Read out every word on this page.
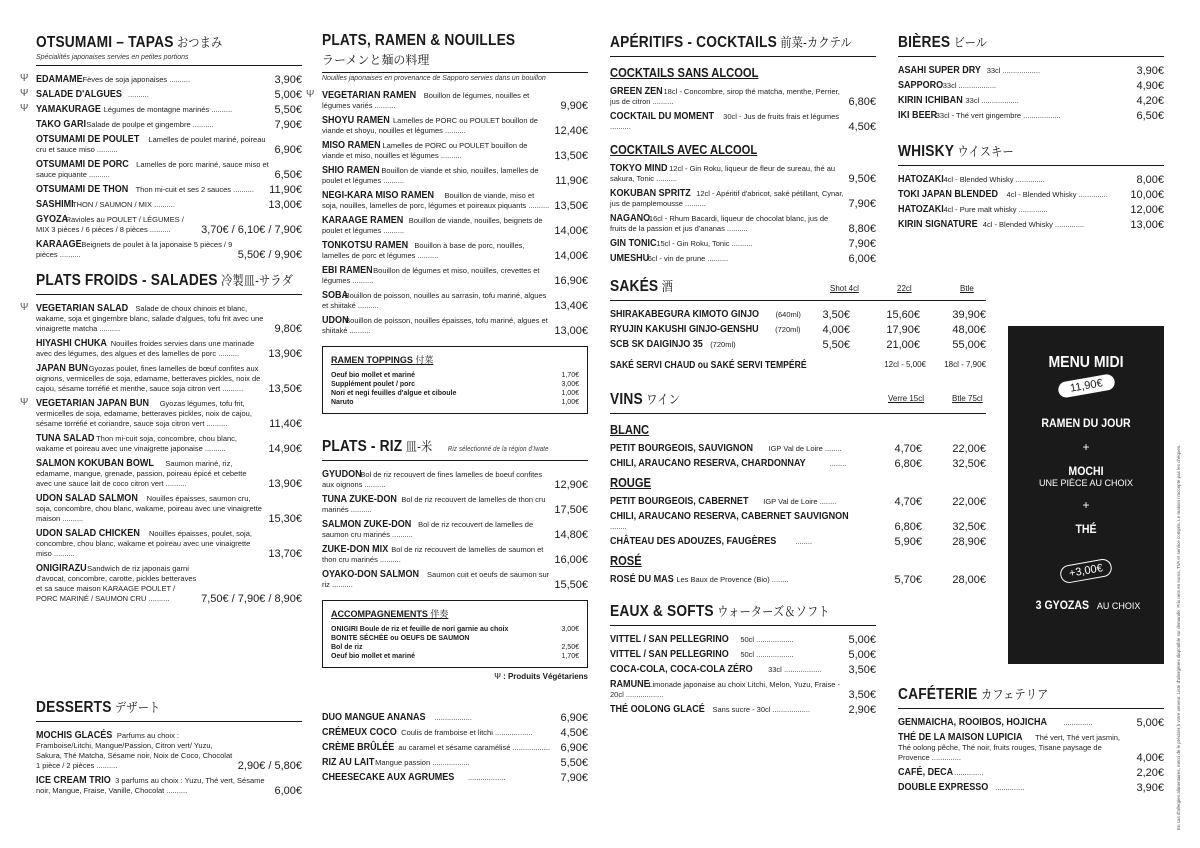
OTSUMAMI – TAPAS おつまみ
Spécialités japonaises servies en petites portions
Ψ EDAMAME Fèves de soja japonaises ..........	3,90€
Ψ SALADE D'ALGUES ..........	5,00€
Ψ YAMAKURAGE Légumes de montagne marinés ..........	5,50€
TAKO GARI Salade de poulpe et gingembre ..........	7,90€
OTSUMAMI DE POULET Lamelles de poulet mariné, poireau cru et sauce miso ..........	6,90€
OTSUMAMI DE PORC Lamelles de porc mariné, sauce miso et sauce piquante ..........	6,50€
OTSUMAMI DE THON Thon mi-cuit et ses 2 sauces ..........	11,90€
SASHIMI THON / SAUMON / MIX ..........	13,00€
GYOZA Ravioles au POULET / LÉGUMES / MIX 3 pièces / 6 pièces / 8 pièces ..........	3,70€ / 6,10€ / 7,90€
KARAAGE Beignets de poulet à la japonaise 5 pièces / 9 pièces ..........	5,50€ / 9,90€
PLATS FROIDS - SALADES 冷製皿-サラダ
Ψ VEGETARIAN SALAD Salade de choux chinois et blanc, wakame, soja et gingembre blanc, salade d'algues, tofu frit avec une vinaigrette matcha ..........	9,80€
HIYASHI CHUKA Nouilles froides servies dans une marinade avec des légumes, des algues et des lamelles de porc ..........	13,90€
JAPAN BUN Gyozas poulet, fines lamelles de bœuf confites aux oignons, vermicelles de soja, edamame, betteraves pickles, noix de cajou, sésame torréfié et menthe, sauce soja citron vert ..........	13,50€
Ψ VEGETARIAN JAPAN BUN Gyozas légumes, tofu frit, vermicelles de soja, edamame, betteraves pickles, noix de cajou, sésame torréfié et coriandre, sauce soja citron vert ..........	11,40€
TUNA SALAD Thon mi-cuit soja, concombre, chou blanc, wakame et poireau avec une vinaigrette japonaise ..........	14,90€
SALMON KOKUBAN BOWL Saumon mariné, riz, edamame, mangue, grenade, passion, poireau épicé et cebette avec une sauce lait de coco citron vert ..........	13,90€
UDON SALAD SALMON Nouilles épaisses, saumon cru, soja, concombre, chou blanc, wakame, poireau avec une vinaigrette maison ..........	15,30€
UDON SALAD CHICKEN Nouilles épaisses, poulet, soja, concombre, chou blanc, wakame et poireau avec une vinaigrette miso ..........	13,70€
ONIGIRAZU Sandwich de riz japonais garni d'avocat, concombre, carotte, pickles betteraves et sa sauce maison KARAAGE POULET / PORC MARINÉ / SAUMON CRU ..........	7,50€ / 7,90€ / 8,90€
DESSERTS デザート
MOCHIS GLACÉS Parfums au choix : Framboise/Litchi, Mangue/Passion, Citron vert/ Yuzu, Sakura, Thé Matcha, Sésame noir, Noix de Coco, Chocolat 1 pièce / 2 pièces ..........	2,90€ / 5,80€
ICE CREAM TRIO 3 parfums au choix : Yuzu, Thé vert, Sésame noir, Mangue, Fraise, Vanille, Chocolat ..........	6,00€
DUO MANGUE ANANAS ..................	6,90€
CRÉMEUX COCO Coulis de framboise et litchi ..................	4,50€
CRÈME BRÛLÉE au caramel et sésame caramélisé .................. 6,90€
RIZ AU LAIT Mangue passion ..................	5,50€
CHEESECAKE AUX AGRUMES ..................	7,90€
PLATS, RAMEN & NOUILLES
ラーメンと麺の料理
Nouilles japonaises en provenance de Sapporo servies dans un bouillon
Ψ VEGETARIAN RAMEN Bouillon de légumes, nouilles et légumes variés ..........	9,90€
SHOYU RAMEN Lamelles de PORC ou POULET bouillon de viande et shoyu, nouilles et légumes ..........	12,40€
MISO RAMEN Lamelles de PORC ou POULET bouillon de viande et miso, nouilles et légumes ..........	13,50€
SHIO RAMEN Bouillon de viande et shio, nouilles, lamelles de poulet et légumes ..........	11,90€
NEGI-KARA MISO RAMEN Bouillon de viande, miso et soja, nouilles, lamelles de porc, légumes et poireaux piquants .......... 13,50€
KARAAGE RAMEN Bouillon de viande, nouilles, beignets de poulet et légumes ..........	14,00€
TONKOTSU RAMEN Bouillon à base de porc, nouilles, lamelles de porc et légumes ..........	14,00€
EBI RAMEN Bouillon de légumes et miso, nouilles, crevettes et légumes ..........	16,90€
SOBA Bouillon de poisson, nouilles au sarrasin, tofu mariné, algues et shiitaké ..........	13,40€
UDON Bouillon de poisson, nouilles épaisses, tofu mariné, algues et shiitaké ..........	13,00€
RAMEN TOPPINGS 付菜
Oeuf bio mollet et mariné	1,70€
Supplément poulet / porc	3,00€
Nori et negi feuilles d'algue et ciboule	1,00€
Naruto	1,00€
PLATS - RIZ 皿-米 Riz sélectionné de la région d'Iwate
GYUDON Bol de riz recouvert de fines lamelles de boeuf confites aux oignons ..........	12,90€
TUNA ZUKE-DON Bol de riz recouvert de lamelles de thon cru marinés ..........	17,50€
SALMON ZUKE-DON Bol de riz recouvert de lamelles de saumon cru marinés ..........	14,80€
ZUKE-DON MIX Bol de riz recouvert de lamelles de saumon et thon cru marinés ..........	16,00€
OYAKO-DON SALMON Saumon cuit et oeufs de saumon sur riz ..........	15,50€
ACCOMPAGNEMENTS 伴奏
ONIGIRI Boule de riz et feuille de nori garnie au choix BONITE SÉCHÉE ou OEUFS DE SAUMON
3,00€
Bol de riz	2,50€
Oeuf bio mollet et mariné	1,70€
Ψ : Produits Végétariens
APÉRITIFS - COCKTAILS 前菜-カクテル
COCKTAILS SANS ALCOOL
GREEN ZEN 18cl - Concombre, sirop thé matcha, menthe, Perrier, jus de citron ..........	6,80€
COCKTAIL DU MOMENT 30cl - Jus de fruits frais et légumes ..........	4,50€
COCKTAILS AVEC ALCOOL
TOKYO MIND 12cl - Gin Roku, liqueur de fleur de sureau, thé au sakura, Tonic ..........	9,50€
KOKUBAN SPRITZ 12cl - Apéritif d'abricot, saké pétillant, Cynar, jus de pamplemousse ..........	7,90€
NAGANO 16cl - Rhum Bacardi, liqueur de chocolat blanc, jus de fruits de la passion et jus d'ananas ..........	8,80€
GIN TONIC 15cl - Gin Roku, Tonic ..........	7,90€
UMESHU 6cl - vin de prune ..........	6,00€
SAKÉS 酒	Shot 4cl	22cl	Btle
SHIRAKABEGURA KIMOTO GINJO (640ml)	3,50€	15,60€	39,90€
RYUJIN KAKUSHI GINJO-GENSHU (720ml)	4,00€	17,90€	48,00€
SCB SK DAIGINJO 35 (720ml)	5,50€	21,00€	55,00€
SAKÉ SERVI CHAUD ou SAKÉ SERVI TEMPÉRÉ	12cl - 5,00€	18cl - 7,90€
VINS ワイン	Verre 15cl	Btle 75cl
BLANC
PETIT BOURGEOIS, SAUVIGNON IGP Val de Loire ........	4,70€	22,00€
CHILI, ARAUCANO RESERVA, CHARDONNAY	........	6,80€	32,50€
ROUGE
PETIT BOURGEOIS, CABERNET IGP Val de Loire ........	4,70€	22,00€
CHILI, ARAUCANO RESERVA, CABERNET SAUVIGNON ........	6,80€	32,50€
CHÂTEAU DES ADOUZES, FAUGÈRES ........	5,90€	28,90€
ROSÉ
ROSÉ DU MAS Les Baux de Provence (Bio) ........	5,70€	28,00€
EAUX & SOFTS ウォーターズ＆ソフト
VITTEL / SAN PELLEGRINO 50cl ..................	5,00€
VITTEL / SAN PELLEGRINO 50cl ..................	5,00€
COCA-COLA, COCA-COLA ZÉRO 33cl ..................	3,50€
RAMUNE Limonade japonaise au choix Litchi, Melon, Yuzu, Fraise - 20cl ..................	3,50€
THÉ OOLONG GLACÉ Sans sucre - 30cl ..................	2,90€
BIÈRES ビール
ASAHI SUPER DRY 33cl ..................	3,90€
SAPPORO 33cl ..................	4,90€
KIRIN ICHIBAN 33cl ..................	4,20€
IKI BEER 33cl - Thé vert gingembre ..................	6,50€
WHISKY ウイスキー
HATOZAKI 4cl - Blended Whisky ..............	8,00€
TOKI JAPAN BLENDED 4cl - Blended Whisky ..............	10,00€
HATOZAKI 4cl - Pure malt whisky ..............	12,00€
KIRIN SIGNATURE 4cl - Blended Whisky ..............	13,00€
CAFÉTERIE カフェテリア
GENMAICHA, ROOIBOS, HOJICHA ..............	5,00€
THÉ DE LA MAISON LUPICIA Thé vert, Thé vert jasmin, Thé oolong pêche, Thé noir, fruits rouges, Tisane paysage de Provence ..............	4,00€
CAFÉ, DECA ..............	2,20€
DOUBLE EXPRESSO ..............	3,90€
MENU MIDI
11,90€
RAMEN DU JOUR
+
MOCHI
UNE PIÈCE AU CHOIX
+
THÉ
+3,00€
3 GYOZAS AU CHOIX	En cas d'allergies alimentaires, merci de le préciser à votre serveur. Liste d'allergènes disponible sur demande. Prix nets en euros, TVA et service compris. Le maison n'accepte pas les chèques.
